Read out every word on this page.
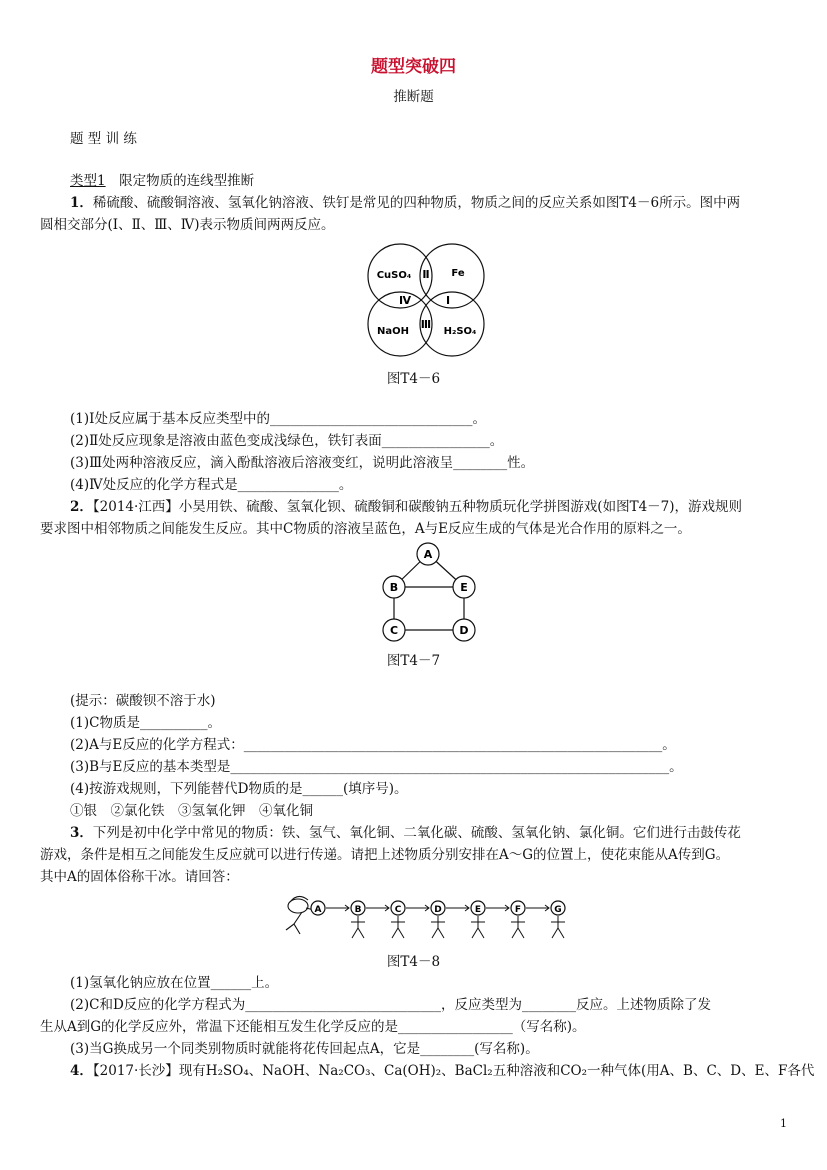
题型突破四
推断题
题 型 训 练
类型1　 限定物质的连线型推断
1．稀硫酸、硫酸铜溶液、氢氧化钠溶液、铁钉是常见的四种物质，物质之间的反应关系如图T4－6所示。图中两
圆相交部分(Ⅰ、Ⅱ、Ⅲ、Ⅳ)表示物质间两两反应。
CuSO₄	Fe
NaOH	H₂SO₄
Ⅱ
Ⅳ	Ⅰ
Ⅲ
图T4－6
(1)Ⅰ处反应属于基本反应类型中的______________________________。
(2)Ⅱ处反应现象是溶液由蓝色变成浅绿色，铁钉表面________________。
(3)Ⅲ处两种溶液反应，滴入酚酞溶液后溶液变红，说明此溶液呈________性。
(4)Ⅳ处反应的化学方程式是_______________。
2．【2014·江西】小昊用铁、硫酸、氢氧化钡、硫酸铜和碳酸钠五种物质玩化学拼图游戏(如图T4－7)，游戏规则
要求图中相邻物质之间能发生反应。其中C物质的溶液呈蓝色，A与E反应生成的气体是光合作用的原料之一。
A
B	E
C	D
图T4－7
(提示：碳酸钡不溶于水)
(1)C物质是__________。
(2)A与E反应的化学方程式：______________________________________________________________。
(3)B与E反应的基本类型是_________________________________________________________________。
(4)按游戏规则，下列能替代D物质的是______(填序号)。
①银　②氯化铁　③氢氧化钾　④氧化铜
3．下列是初中化学中常见的物质：铁、氢气、氧化铜、二氧化碳、硫酸、氢氧化钠、氯化铜。它们进行击鼓传花
游戏，条件是相互之间能发生反应就可以进行传递。请把上述物质分别安排在A～G的位置上，使花束能从A传到G。
其中A的固体俗称干冰。请回答：
A	B	C	D	E	F	G
图T4－8
(1)氢氧化钠应放在位置______上。
(2)C和D反应的化学方程式为_____________________________，反应类型为________反应。上述物质除了发
生从A到G的化学反应外，常温下还能相互发生化学反应的是_________________（写名称)。
(3)当G换成另一个同类别物质时就能将花传回起点A，它是________(写名称)。
4．【2017·长沙】现有H₂SO₄、NaOH、Na₂CO₃、Ca(OH)₂、BaCl₂五种溶液和CO₂一种气体(用A、B、C、D、E、F各代
1
